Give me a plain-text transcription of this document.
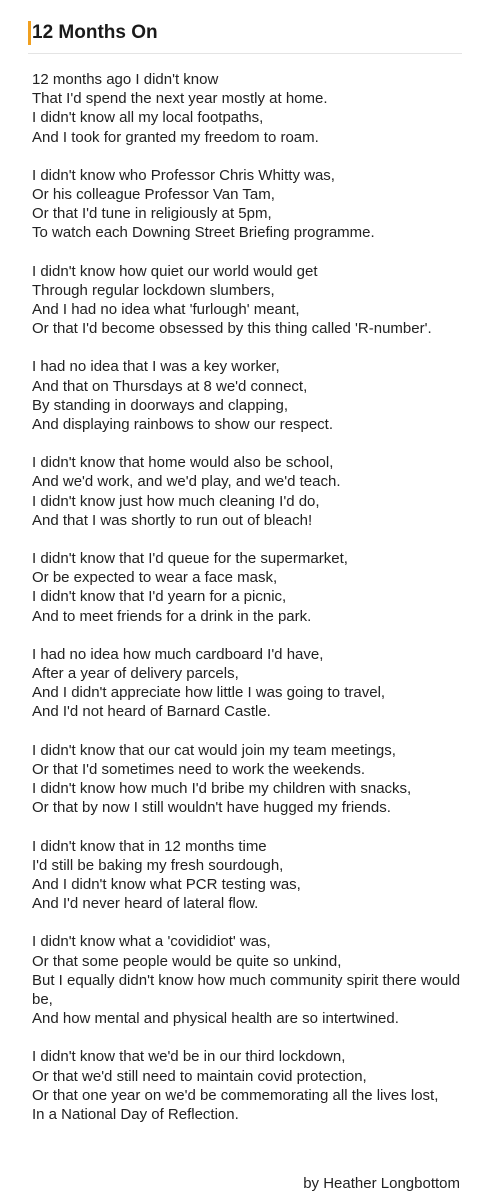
12 Months On
12 months ago I didn't know
That I'd spend the next year mostly at home.
I didn't know all my local footpaths,
And I took for granted my freedom to roam.
I didn't know who Professor Chris Whitty was,
Or his colleague Professor Van Tam,
Or that I'd tune in religiously at 5pm,
To watch each Downing Street Briefing programme.
I didn't know how quiet our world would get
Through regular lockdown slumbers,
And I had no idea what 'furlough' meant,
Or that I'd become obsessed by this thing called 'R-number'.
I had no idea that I was a key worker,
And that on Thursdays at 8 we'd connect,
By standing in doorways and clapping,
And displaying rainbows to show our respect.
I didn't know that home would also be school,
And we'd work, and we'd play, and we'd teach.
I didn't know just how much cleaning I'd do,
And that I was shortly to run out of bleach!
I didn't know that I'd queue for the supermarket,
Or be expected to wear a face mask,
I didn't know that I'd yearn for a picnic,
And to meet friends for a drink in the park.
I had no idea how much cardboard I'd have,
After a year of delivery parcels,
And I didn't appreciate how little I was going to travel,
And I'd not heard of Barnard Castle.
I didn't know that our cat would join my team meetings,
Or that I'd sometimes need to work the weekends.
I didn't know how much I'd bribe my children with snacks,
Or that by now I still wouldn't have hugged my friends.
I didn't know that in 12 months time
I'd still be baking my fresh sourdough,
And I didn't know what PCR testing was,
And I'd never heard of lateral flow.
I didn't know what a 'covididiot' was,
Or that some people would be quite so unkind,
But I equally didn't know how much community spirit there would be,
And how mental and physical health are so intertwined.
I didn't know that we'd be in our third lockdown,
Or that we'd still need to maintain covid protection,
Or that one year on we'd be commemorating all the lives lost,
In a National Day of Reflection.
by Heather Longbottom
